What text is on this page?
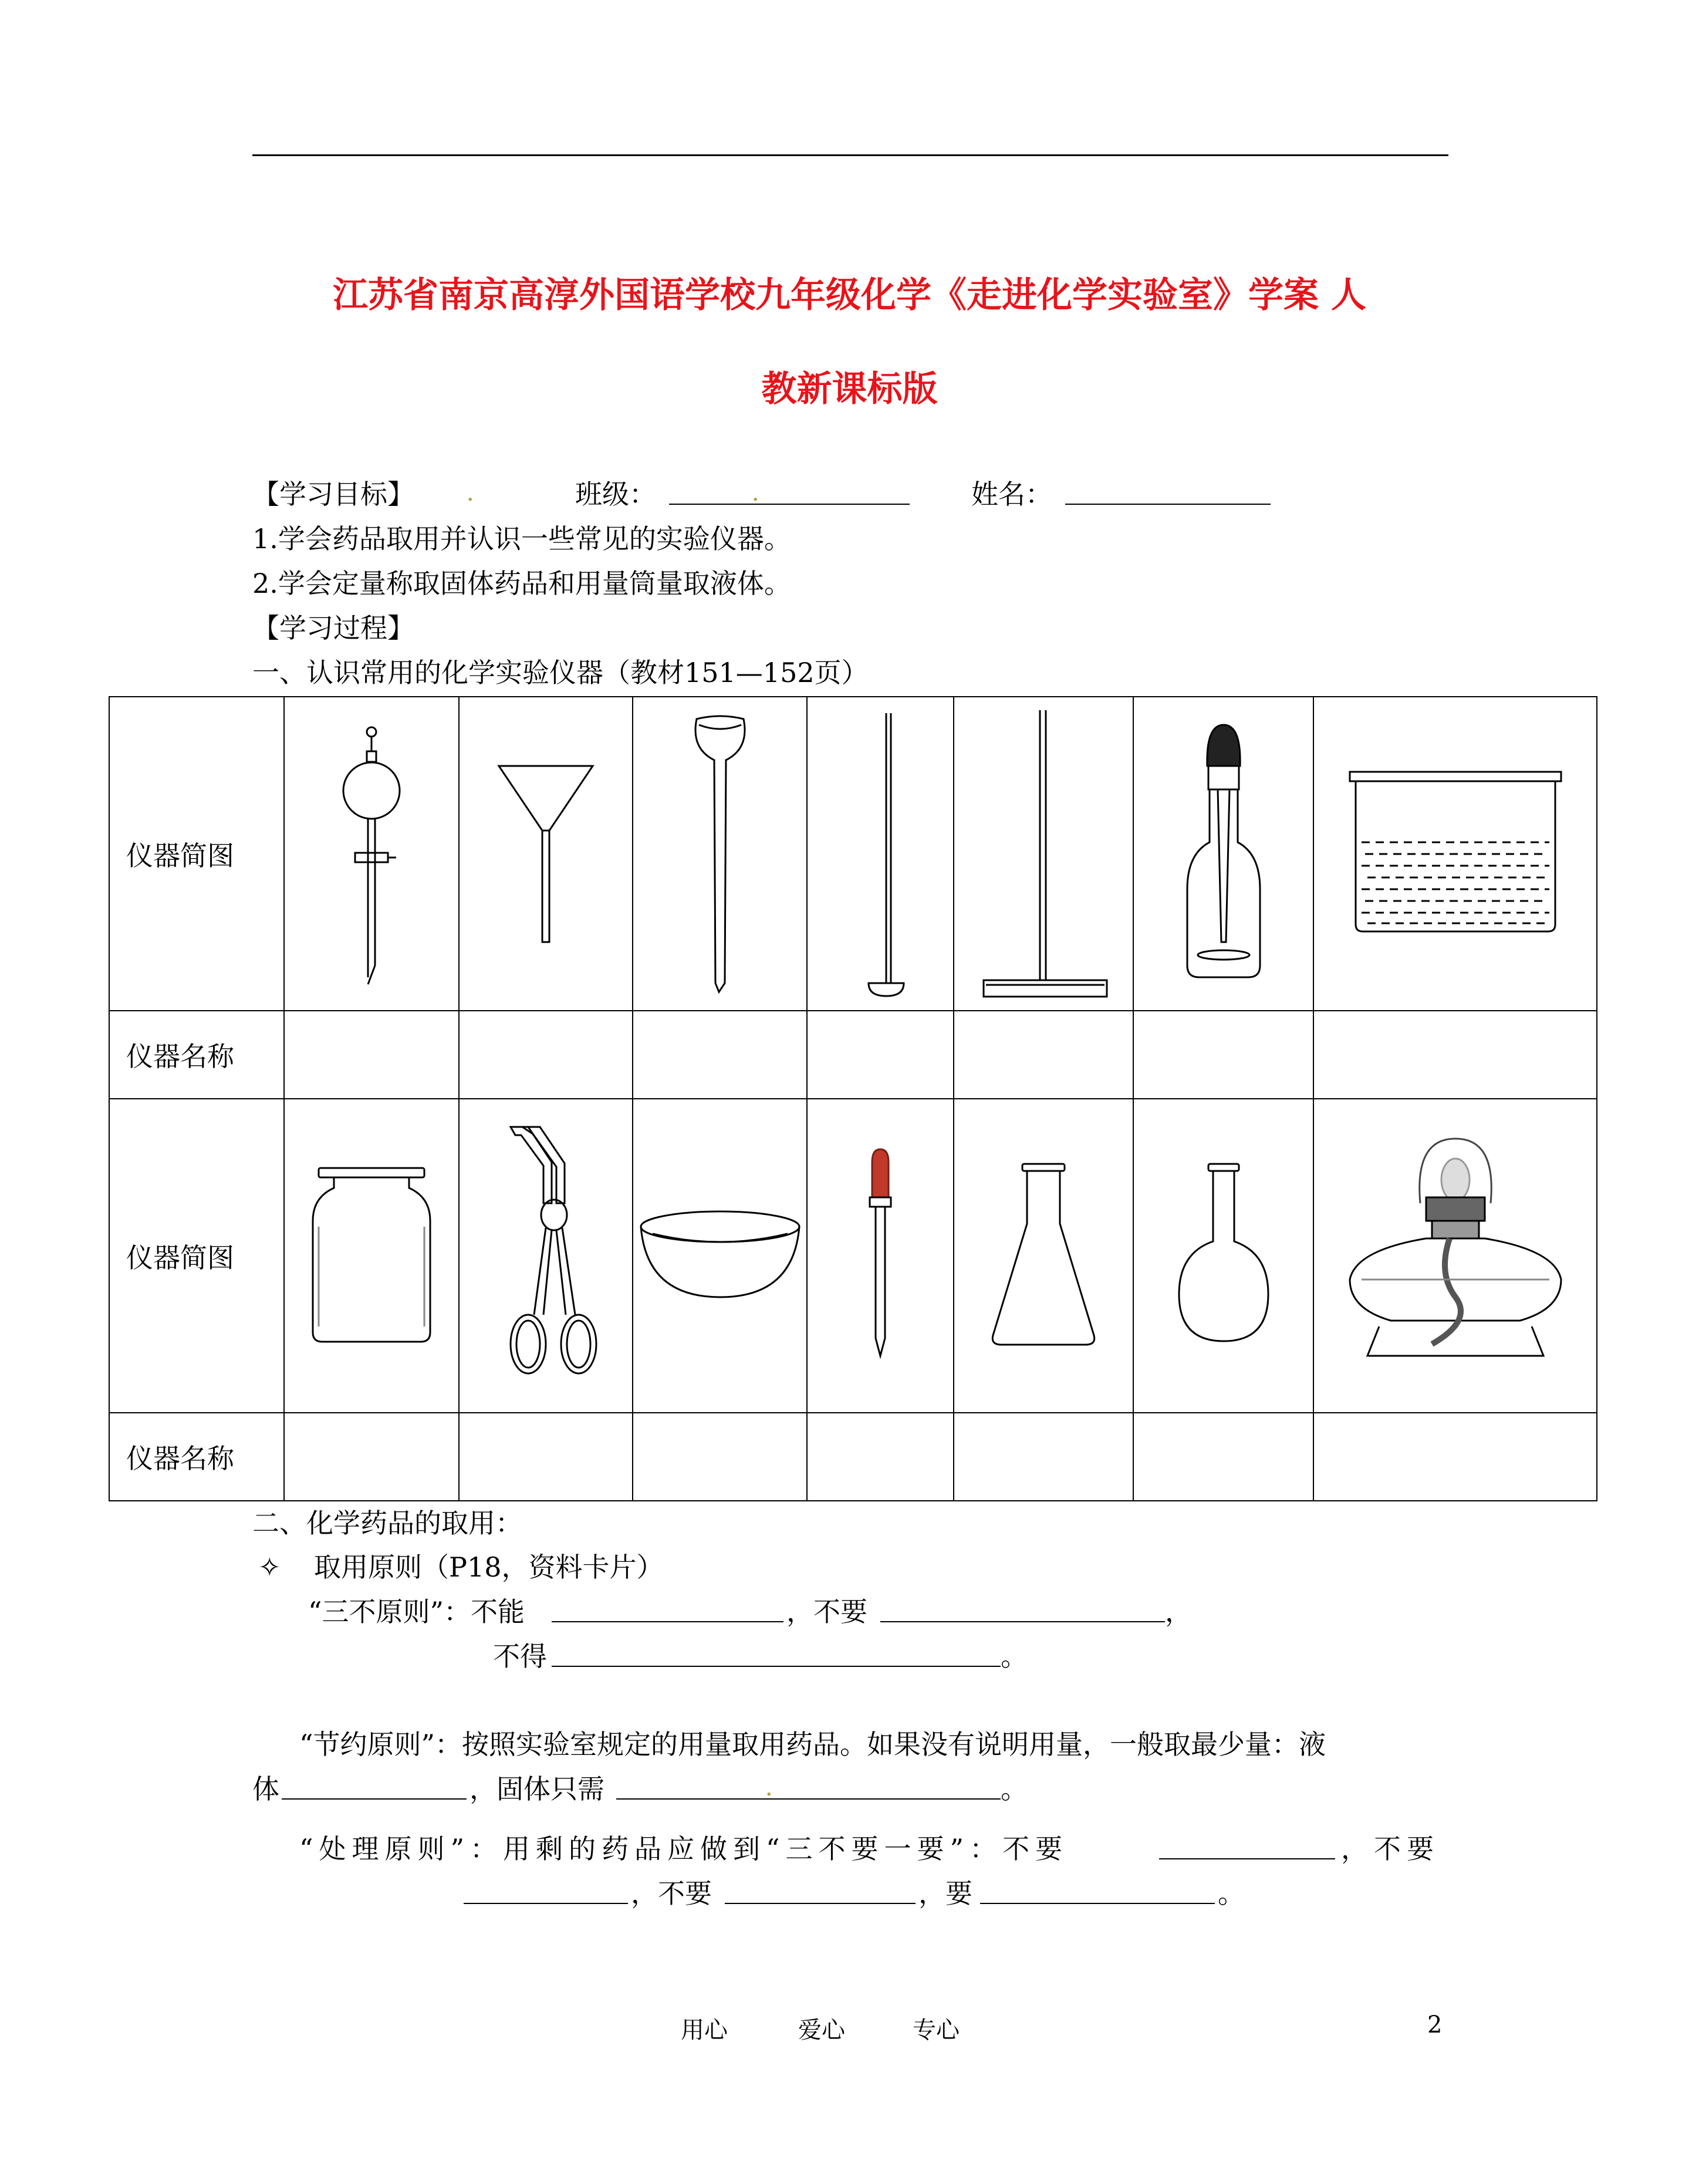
江苏省南京高淳外国语学校九年级化学《走进化学实验室》学案 人
教新课标版
【学习目标】	.	班级：	.	姓名：
1.学会药品取用并认识一些常见的实验仪器。
2.学会定量称取固体药品和用量筒量取液体。
【学习过程】
一、认识常用的化学实验仪器（教材151—152页）
仪器简图	

仪器名称							
仪器简图	

仪器名称							
二、化学药品的取用：
✧ 取用原则（P18，资料卡片）
“三不原则”：不能	，不要	，
不得	。
“节约原则”：按照实验室规定的用量取用药品。如果没有说明用量，一般取最少量：液
体	，固体只需	.	。
“处理原则”：用剩的药品应做到“三不要一要”：不要	，不要
，不要	，要	。
用心	爱心	专心	2
